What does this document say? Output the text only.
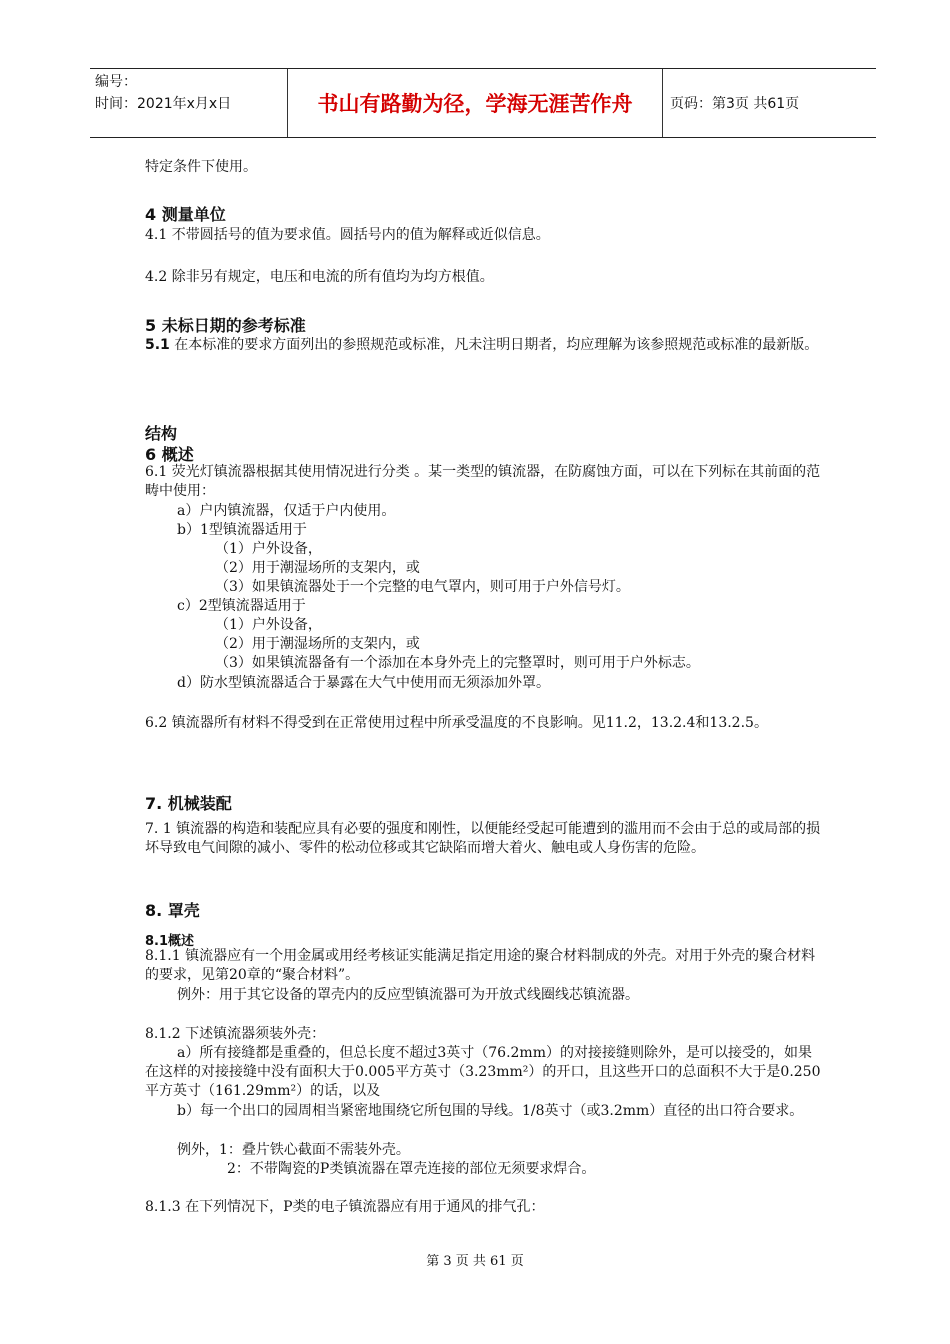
编号：
时间：2021年x月x日	书山有路勤为径，学海无涯苦作舟	页码：第3页 共61页
特定条件下使用。
4 测量单位
4.1 不带圆括号的值为要求值。圆括号内的值为解释或近似信息。
4.2 除非另有规定，电压和电流的所有值均为均方根值。
5 未标日期的参考标准
5.1 在本标准的要求方面列出的参照规范或标准，凡未注明日期者，均应理解为该参照规范或标准的最新版。
结构
6 概述
6.1 荧光灯镇流器根据其使用情况进行分类 。某一类型的镇流器，在防腐蚀方面，可以在下列标在其前面的范畴中使用：
a）户内镇流器，仅适于户内使用。
b）1型镇流器适用于
（1）户外设备，
（2）用于潮湿场所的支架内，或
（3）如果镇流器处于一个完整的电气罩内，则可用于户外信号灯。
c）2型镇流器适用于
（1）户外设备，
（2）用于潮湿场所的支架内，或
（3）如果镇流器备有一个添加在本身外壳上的完整罩时，则可用于户外标志。
d）防水型镇流器适合于暴露在大气中使用而无须添加外罩。
6.2 镇流器所有材料不得受到在正常使用过程中所承受温度的不良影响。见11.2，13.2.4和13.2.5。
7. 机械装配
7. 1 镇流器的构造和装配应具有必要的强度和刚性，以便能经受起可能遭到的滥用而不会由于总的或局部的损坏导致电气间隙的减小、零件的松动位移或其它缺陷而增大着火、触电或人身伤害的危险。
8. 罩壳
8.1概述
8.1.1 镇流器应有一个用金属或用经考核证实能满足指定用途的聚合材料制成的外壳。对用于外壳的聚合材料的要求，见第20章的“聚合材料”。
例外：用于其它设备的罩壳内的反应型镇流器可为开放式线圈线芯镇流器。
8.1.2 下述镇流器须装外壳：
a）所有接缝都是重叠的，但总长度不超过3英寸（76.2mm）的对接接缝则除外，是可以接受的，如果在这样的对接接缝中没有面积大于0.005平方英寸（3.23mm²）的开口，且这些开口的总面积不大于是0.250平方英寸（161.29mm²）的话，以及
b）每一个出口的园周相当紧密地围绕它所包围的导线。1/8英寸（或3.2mm）直径的出口符合要求。
例外，1：叠片铁心截面不需装外壳。
2：不带陶瓷的P类镇流器在罩壳连接的部位无须要求焊合。
8.1.3 在下列情况下，P类的电子镇流器应有用于通风的排气孔：
第 3 页 共 61 页
